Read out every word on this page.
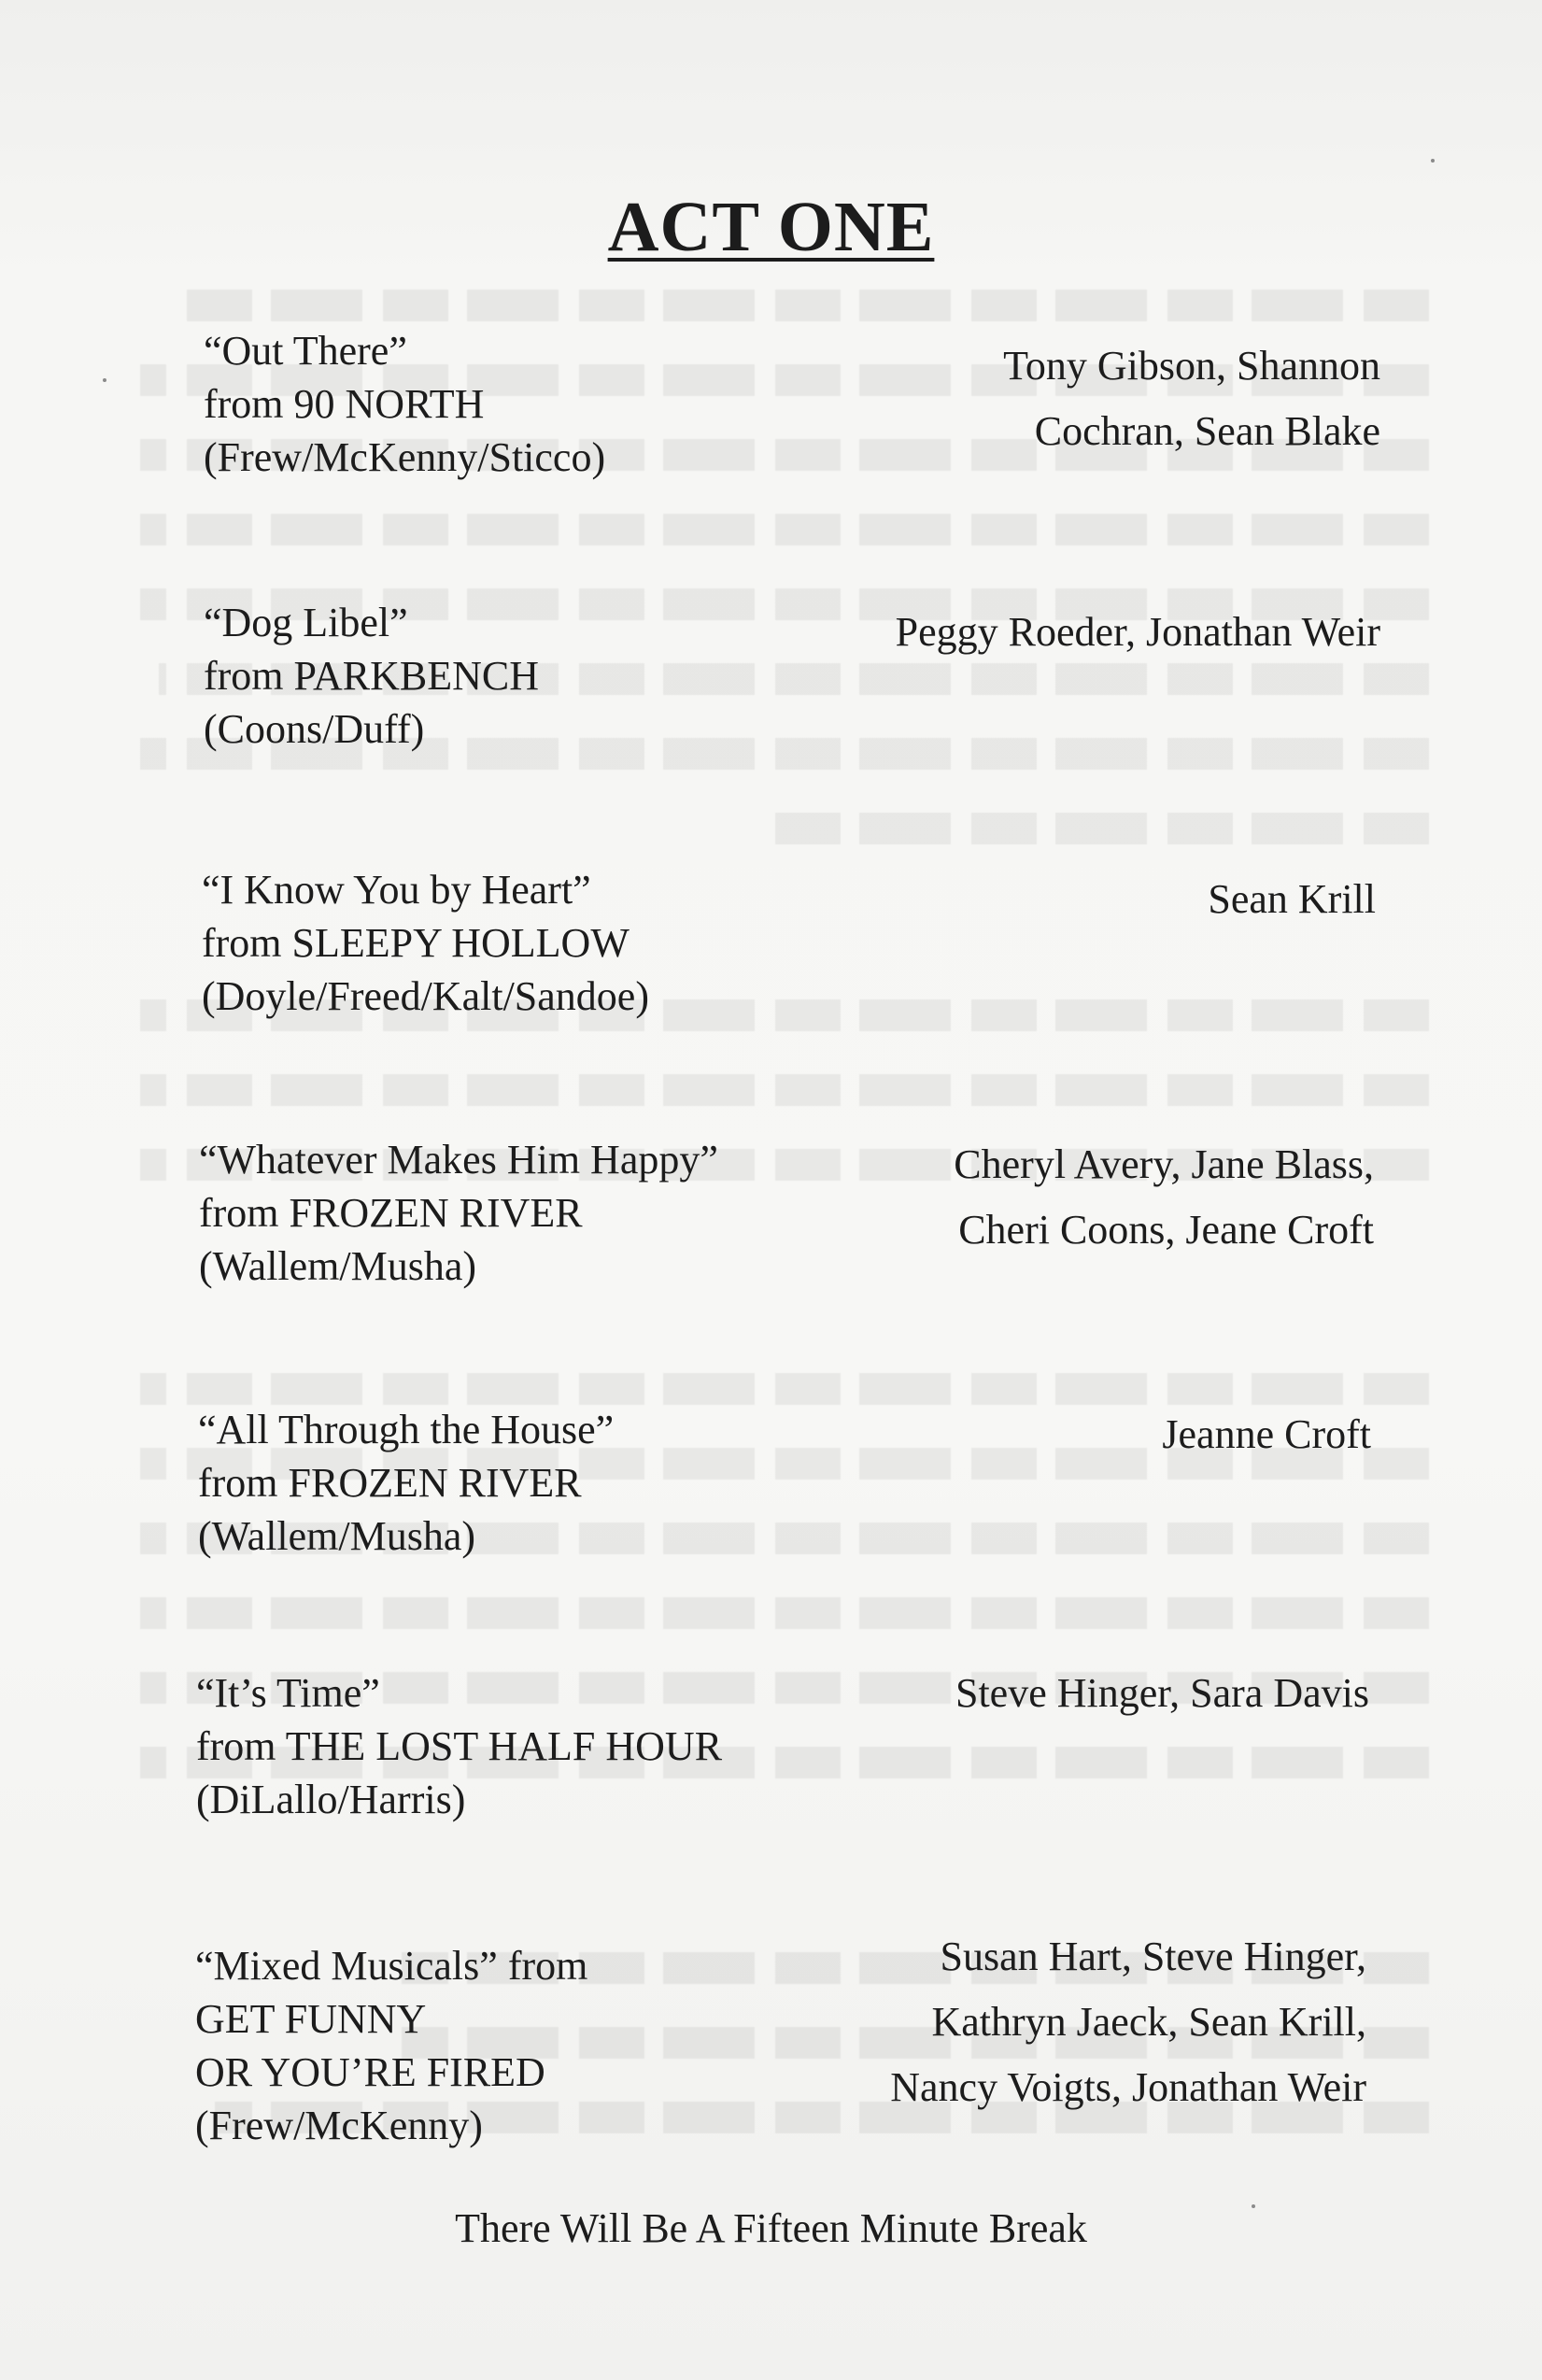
ACT ONE
“Out There”
from 90 NORTH
(Frew/McKenny/Sticco)
Tony Gibson, Shannon
Cochran, Sean Blake
“Dog Libel”
from PARKBENCH
(Coons/Duff)
Peggy Roeder, Jonathan Weir
“I Know You by Heart”
from SLEEPY HOLLOW
(Doyle/Freed/Kalt/Sandoe)
Sean Krill
“Whatever Makes Him Happy”
from FROZEN RIVER
(Wallem/Musha)
Cheryl Avery, Jane Blass,
Cheri Coons, Jeane Croft
“All Through the House”
from FROZEN RIVER
(Wallem/Musha)
Jeanne Croft
“It’s Time”
from THE LOST HALF HOUR
(DiLallo/Harris)
Steve Hinger, Sara Davis
“Mixed Musicals” from
GET FUNNY
OR YOU’RE FIRED
(Frew/McKenny)
Susan Hart, Steve Hinger,
Kathryn Jaeck, Sean Krill,
Nancy Voigts, Jonathan Weir
There Will Be A Fifteen Minute Break
